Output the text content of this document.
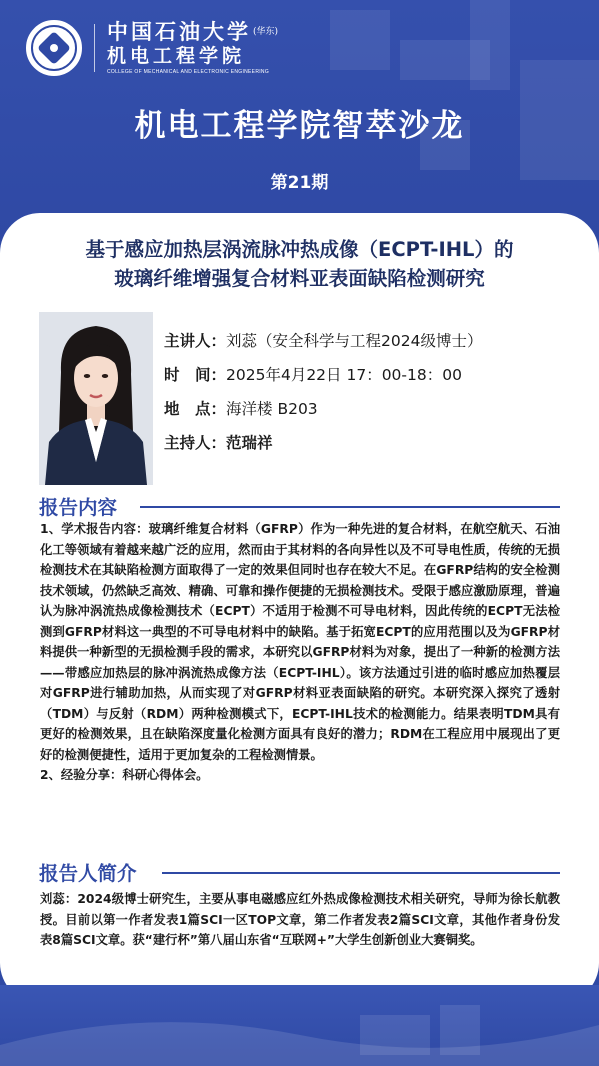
中国石油大学 $^{(华东)}$
机电工程学院
COLLEGE OF MECHANICAL AND ELECTRONIC ENGINEERING
机电工程学院智萃沙龙
第21期
基于感应加热层涡流脉冲热成像（ECPT-IHL）的
玻璃纤维增强复合材料亚表面缺陷检测研究
主讲人：刘蕊（安全科学与工程2024级博士）
时　间：2025年4月22日 17：00-18：00
地　点：海洋楼 B203
主持人：范瑞祥
报告内容
1、学术报告内容：玻璃纤维复合材料（GFRP）作为一种先进的复合材料，在航空航天、石油化工等领域有着越来越广泛的应用，然而由于其材料的各向异性以及不可导电性质，传统的无损检测技术在其缺陷检测方面取得了一定的效果但同时也存在较大不足。在GFRP结构的安全检测技术领域，仍然缺乏高效、精确、可靠和操作便捷的无损检测技术。受限于感应激励原理，普遍认为脉冲涡流热成像检测技术（ECPT）不适用于检测不可导电材料，因此传统的ECPT无法检测到GFRP材料这一典型的不可导电材料中的缺陷。基于拓宽ECPT的应用范围以及为GFRP材料提供一种新型的无损检测手段的需求，本研究以GFRP材料为对象，提出了一种新的检测方法——带感应加热层的脉冲涡流热成像方法（ECPT-IHL）。该方法通过引进的临时感应加热覆层对GFRP进行辅助加热，从而实现了对GFRP材料亚表面缺陷的研究。本研究深入探究了透射（TDM）与反射（RDM）两种检测模式下，ECPT-IHL技术的检测能力。结果表明TDM具有更好的检测效果，且在缺陷深度量化检测方面具有良好的潜力；RDM在工程应用中展现出了更好的检测便捷性，适用于更加复杂的工程检测情景。
2、经验分享：科研心得体会。
报告人简介
刘蕊：2024级博士研究生，主要从事电磁感应红外热成像检测技术相关研究，导师为徐长航教授。目前以第一作者发表1篇SCI一区TOP文章，第二作者发表2篇SCI文章，其他作者身份发表8篇SCI文章。获“建行杯”第八届山东省“互联网+”大学生创新创业大赛铜奖。
